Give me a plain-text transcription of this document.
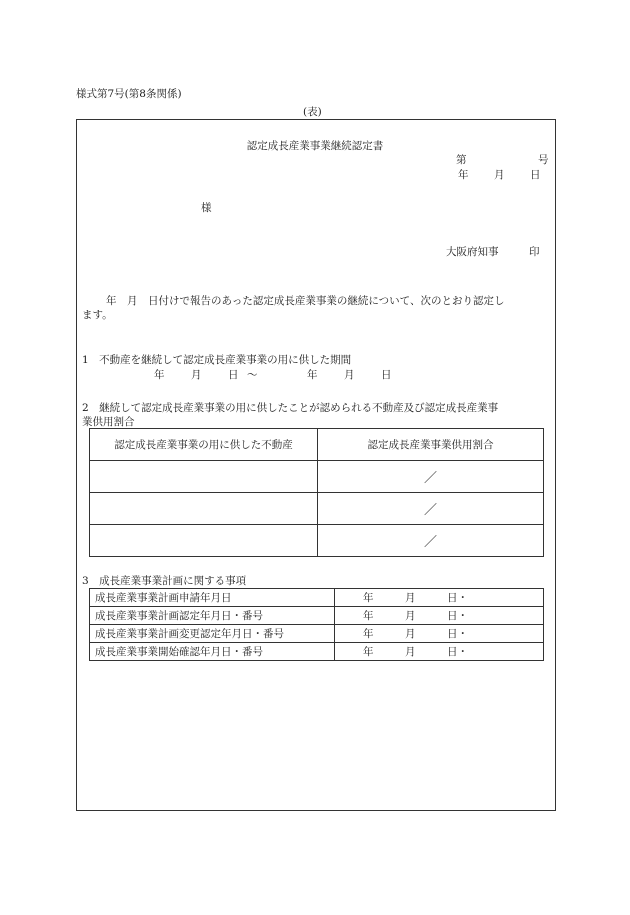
様式第7号(第8条関係)
(表)
認定成長産業事業継続認定書
第	号
年 月 日
様
大阪府知事	印
年　月　日付けで報告のあった認定成長産業事業の継続について、次のとおり認定し
ます。
1　不動産を継続して認定成長産業事業の用に供した期間
年	月	日 ～	年	月	日
2　継続して認定成長産業事業の用に供したことが認められる不動産及び認定成長産業事
業供用割合
認定成長産業事業の用に供した不動産	認定成長産業事業供用割合
	／
	／
	／
3　成長産業事業計画に関する事項
成長産業事業計画申請年月日	年　　　月　　　日・
成長産業事業計画認定年月日・番号	年　　　月　　　日・
成長産業事業計画変更認定年月日・番号	年　　　月　　　日・
成長産業事業開始確認年月日・番号	年　　　月　　　日・
